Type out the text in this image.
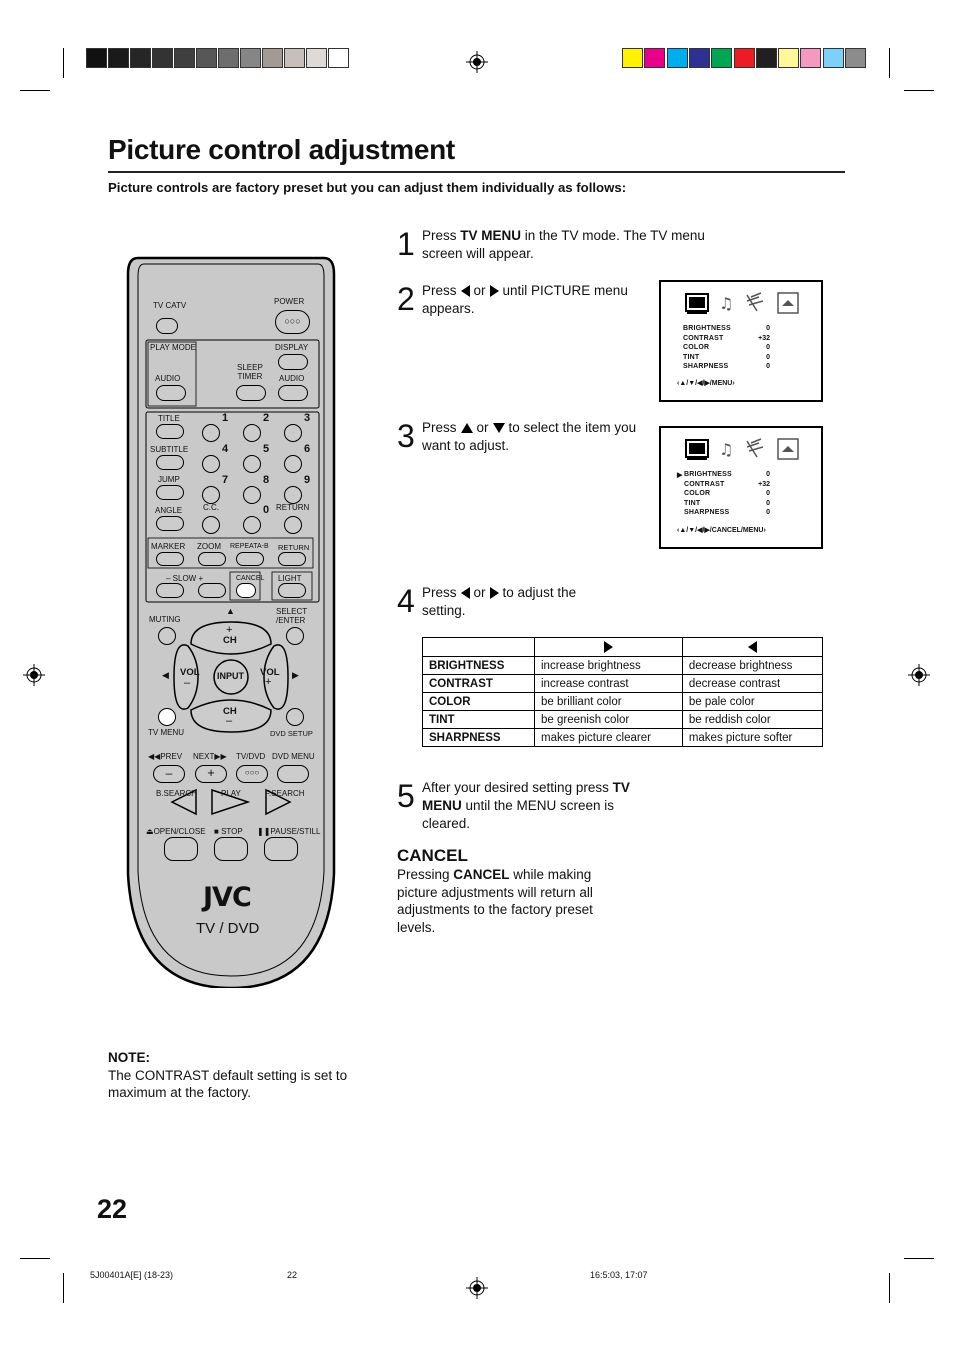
Picture control adjustment
Picture controls are factory preset but you can adjust them individually as follows:
1 Press TV MENU in the TV mode. The TV menu screen will appear.
2 Press or until PICTURE menu appears.	♫
BRIGHTNESS	0
CONTRAST	+32
COLOR	0
TINT	0
SHARPNESS	0
‹▲/▼/◀/▶/MENU›
3 Press or to select the item you want to adjust.	♫
▶ BRIGHTNESS	0
CONTRAST	+32
COLOR	0
TINT	0
SHARPNESS	0
‹▲/▼/◀/▶/CANCEL/MENU›
4 Press or to adjust the setting.

BRIGHTNESS	increase brightness	decrease brightness
CONTRAST	increase contrast	decrease contrast
COLOR	be brilliant color	be pale color
TINT	be greenish color	be reddish color
SHARPNESS	makes picture clearer	makes picture softer
5 After your desired setting press TV MENU until the MENU screen is cleared.
CANCEL
Pressing CANCEL while making picture adjustments will return all adjustments to the factory preset levels.
NOTE:
The CONTRAST default setting is set to maximum at the factory.
22
5J00401A[E] (18-23)	22	16:5:03, 17:07
TV CATV	POWER
○○○
PLAY MODE	DISPLAY
AUDIO
SLEEP
TIMER AUDIO
TITLE
SUBTITLE
JUMP
ANGLE
1	2	3
4	5	6
7	8	9
0
C.C.	RETURN
MARKER ZOOM REPEATA-B RETURN
– SLOW +	CANCEL LIGHT
MUTING
SELECT
/ENTER
▲
+
CH
VOL
–
INPUT VOL
+
◀	▶
CH
–
TV MENU	DVD SETUP
◀◀PREV NEXT▶▶ TV/DVD DVD MENU
–	+	○○○
B.SEARCH	PLAY	F.SEARCH
⏏OPEN/CLOSE ■ STOP ❚❚PAUSE/STILL
JVC
TV / DVD
